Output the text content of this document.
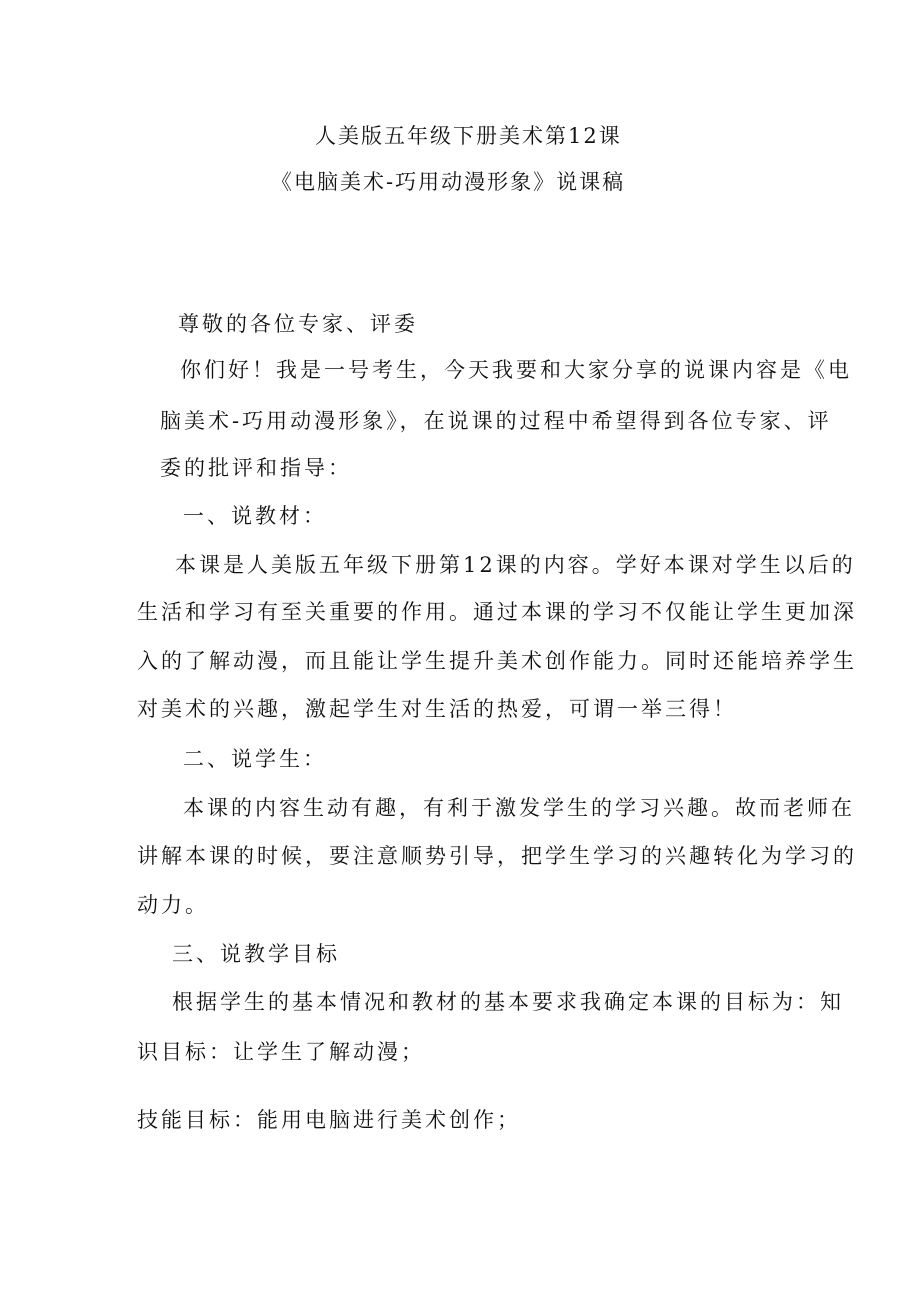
人美版五年级下册美术第12课
《电脑美术-巧用动漫形象》说课稿
尊敬的各位专家、评委
你们好！我是一号考生，今天我要和大家分享的说课内容是《电
脑美术-巧用动漫形象》，在说课的过程中希望得到各位专家、评
委的批评和指导：
一、说教材：
本课是人美版五年级下册第12课的内容。学好本课对学生以后的
生活和学习有至关重要的作用。通过本课的学习不仅能让学生更加深
入的了解动漫，而且能让学生提升美术创作能力。同时还能培养学生
对美术的兴趣，激起学生对生活的热爱，可谓一举三得！
二、说学生：
本课的内容生动有趣，有利于激发学生的学习兴趣。故而老师在
讲解本课的时候，要注意顺势引导，把学生学习的兴趣转化为学习的
动力。
三、说教学目标
根据学生的基本情况和教材的基本要求我确定本课的目标为：知
识目标：让学生了解动漫；
技能目标：能用电脑进行美术创作；
